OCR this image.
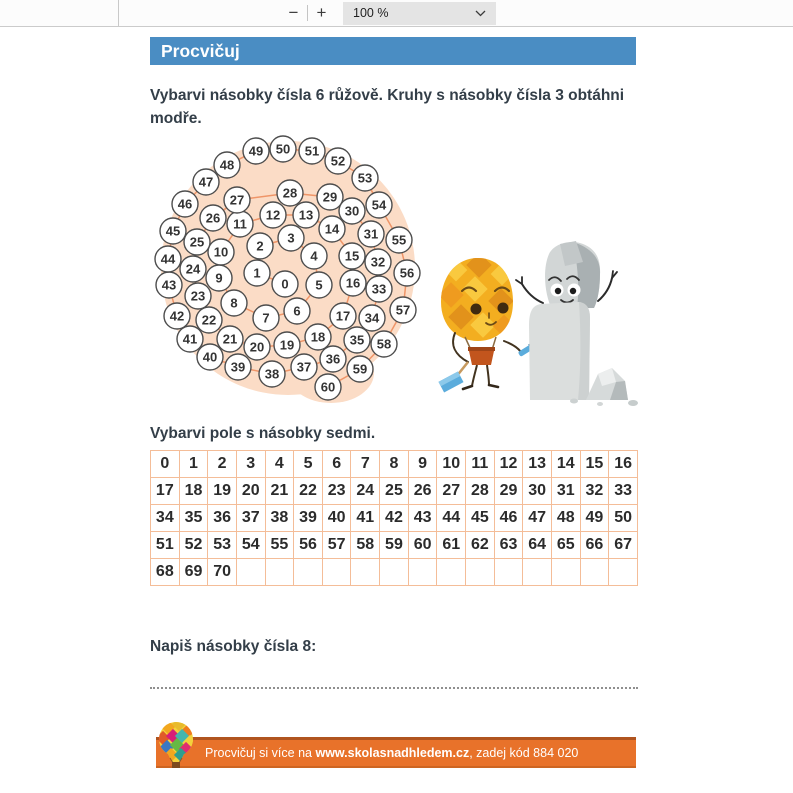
−	+	100 %
Procvičuj
Vybarvi násobky čísla 6 růžově. Kruhy s násobky čísla 3 obtáhni
modře.
0
1
2
3
4
5
6
7
8
9
10
11
12 13
14
15
16
17
18
19
20
21
22
23
24
25
26
27	28 29
30
31
32
33
34
35
36
37
38
39
40
41
42
43
44
45
46
47
48
49 50 51
52
53
54
55
56
57
58
59
60
Vybarvi pole s násobky sedmi.
0	1	2	3	4	5	6	7	8	9	10	11	12	13	14	15	16
17	18	19	20	21	22	23	24	25	26	27	28	29	30	31	32	33
34	35	36	37	38	39	40	41	42	43	44	45	46	47	48	49	50
51	52	53	54	55	56	57	58	59	60	61	62	63	64	65	66	67
68	69	70														
Napiš násobky čísla 8:
Procvičuj si více na www.skolasnadhledem.cz , zadej kód 884 020
